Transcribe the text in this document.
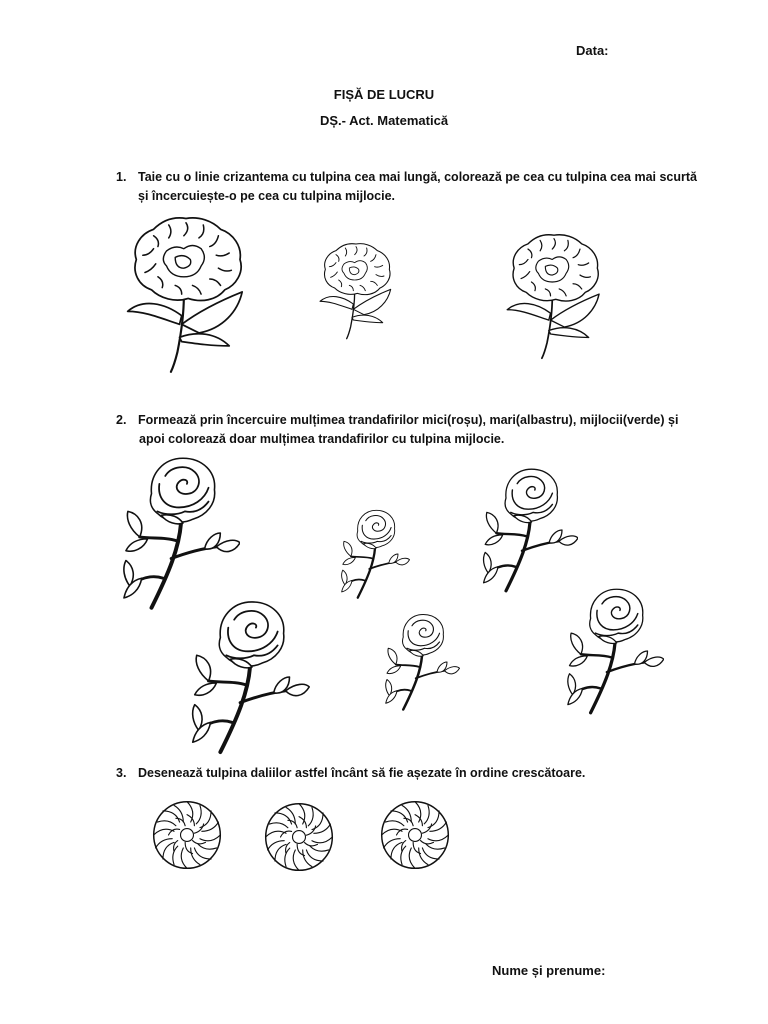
Data:
FIȘĂ DE LUCRU
DȘ.- Act. Matematică
1. Taie cu o linie crizantema cu tulpina cea mai lungă, colorează pe cea cu tulpina cea mai scurtă
și încercuiește-o pe cea cu tulpina mijlocie.
2. Formează prin încercuire mulțimea trandafirilor mici(roșu), mari(albastru), mijlocii(verde) și
apoi colorează doar mulțimea trandafirilor cu tulpina mijlocie.
3. Desenează tulpina daliilor astfel încânt să fie așezate în ordine crescătoare.
Nume și prenume:
